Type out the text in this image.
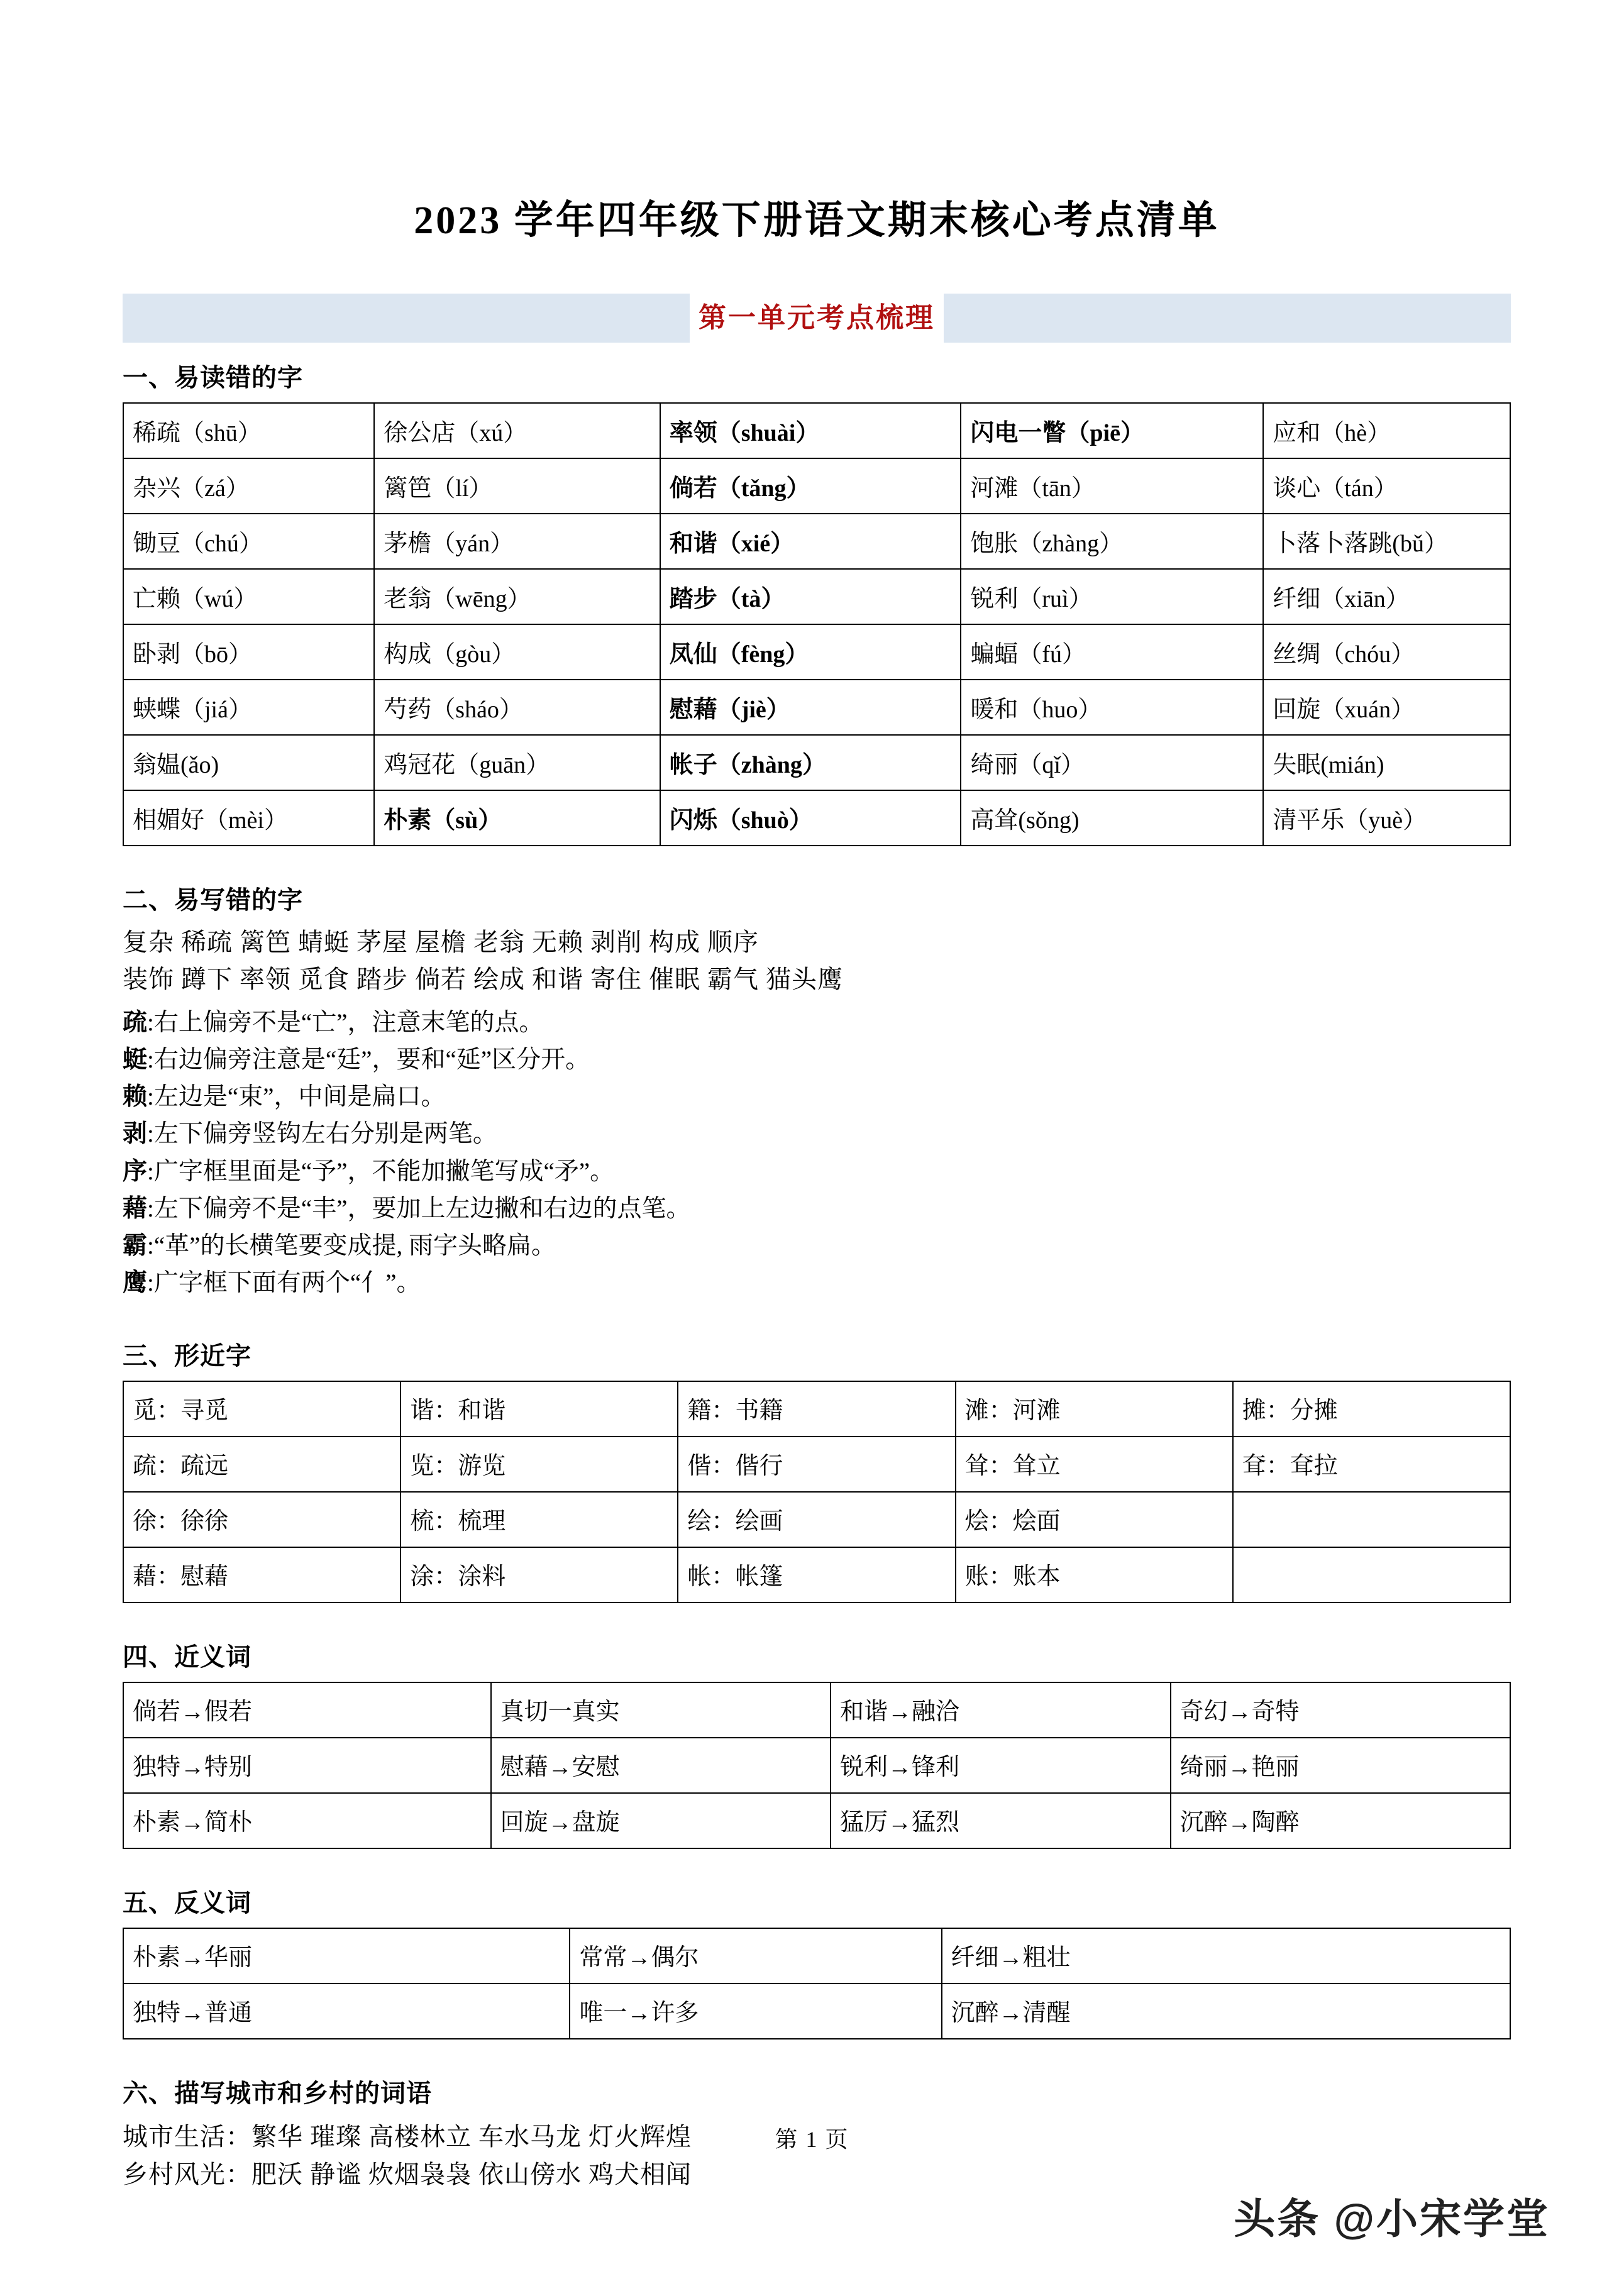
2023 学年四年级下册语文期末核心考点清单
第一单元考点梳理
一、易读错的字
稀疏（shū）	徐公店（xú）	率领（shuài）	闪电一瞥（piē）	应和（hè）
杂兴（zá）	篱笆（lí）	倘若（tǎng）	河滩（tān）	谈心（tán）
锄豆（chú）	茅檐（yán）	和谐（xié）	饱胀（zhàng）	卜落卜落跳(bǔ）
亡赖（wú）	老翁（wēng）	踏步（tà）	锐利（ruì）	纤细（xiān）
卧剥（bō）	构成（gòu）	凤仙（fèng）	蝙蝠（fú）	丝绸（chóu）
蛱蝶（jiá）	芍药（sháo）	慰藉（jiè）	暖和（huo）	回旋（xuán）
翁媪(ǎo)	鸡冠花（guān）	帐子（zhàng）	绮丽（qǐ）	失眠(mián)
相媚好（mèi）	朴素（sù）	闪烁（shuò）	高耸(sǒng)	清平乐（yuè）
二、易写错的字

复杂 稀疏 篱笆 蜻蜓 茅屋 屋檐 老翁 无赖 剥削 构成 顺序

装饰 蹲下 率领 觅食 踏步 倘若 绘成 和谐 寄住 催眠 霸气 猫头鹰

疏:右上偏旁不是“亡”，注意末笔的点。

蜓:右边偏旁注意是“廷”，要和“延”区分开。

赖:左边是“束”，中间是扁口。

剥:左下偏旁竖钩左右分别是两笔。

序:广字框里面是“予”，不能加撇笔写成“矛”。

藉:左下偏旁不是“丰”，要加上左边撇和右边的点笔。

霸:“革”的长横笔要变成提, 雨字头略扁。

鹰:广字框下面有两个“亻”。

三、形近字
觅：寻觅	谐：和谐	籍：书籍	滩：河滩	摊：分摊
疏：疏远	览：游览	偕：偕行	耸：耸立	耷：耷拉
徐：徐徐	梳：梳理	绘：绘画	烩：烩面	
藉：慰藉	涂：涂料	帐：帐篷	账：账本	
四、近义词
倘若→假若	真切一真实	和谐→融洽	奇幻→奇特
独特→特别	慰藉→安慰	锐利→锋利	绮丽→艳丽
朴素→简朴	回旋→盘旋	猛厉→猛烈	沉醉→陶醉
五、反义词
朴素→华丽	常常→偶尔	纤细→粗壮
独特→普通	唯一→许多	沉醉→清醒
六、描写城市和乡村的词语

城市生活：繁华 璀璨 高楼林立 车水马龙 灯火辉煌

乡村风光：肥沃 静谧 炊烟袅袅 依山傍水 鸡犬相闻

第 1 页
头条 @小宋学堂
